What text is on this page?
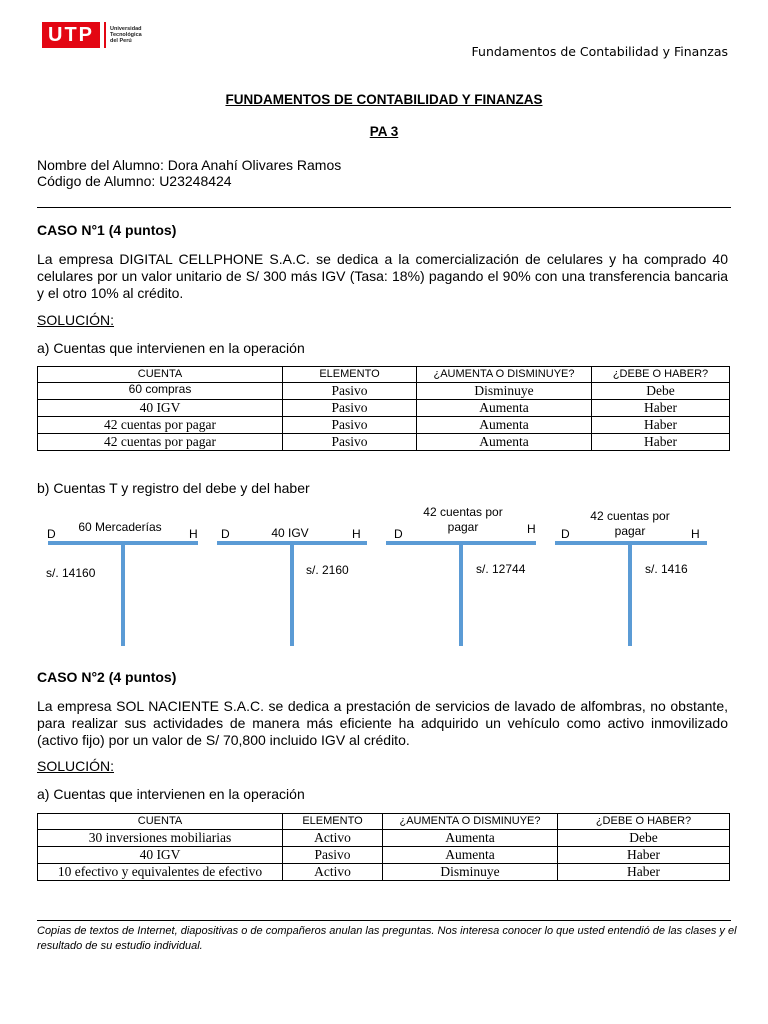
UTP	Universidad
Tecnológica
del Perú
Fundamentos de Contabilidad y Finanzas
FUNDAMENTOS DE CONTABILIDAD Y FINANZAS
PA 3
Nombre del Alumno: Dora Anahí Olivares Ramos
Código de Alumno: U23248424
CASO N°1 (4 puntos)
La empresa DIGITAL CELLPHONE S.A.C. se dedica a la comercialización de celulares y ha comprado 40 celulares por un valor unitario de S/ 300 más IGV (Tasa: 18%) pagando el 90% con una transferencia bancaria y el otro 10% al crédito.
SOLUCIÓN:
a) Cuentas que intervienen en la operación
CUENTA	ELEMENTO	¿AUMENTA O DISMINUYE?	¿DEBE O HABER?
60 compras	Pasivo	Disminuye	Debe
40 IGV	Pasivo	Aumenta	Haber
42 cuentas por pagar	Pasivo	Aumenta	Haber
42 cuentas por pagar	Pasivo	Aumenta	Haber
b) Cuentas T y registro del debe y del haber
60 Mercaderías
D	H
s/. 14160
40 IGV
D	H
s/. 2160
42 cuentas por pagar
D	H
s/. 12744
42 cuentas por pagar
D	H
s/. 1416
CASO N°2 (4 puntos)
La empresa SOL NACIENTE S.A.C. se dedica a prestación de servicios de lavado de alfombras, no obstante, para realizar sus actividades de manera más eficiente ha adquirido un vehículo como activo inmovilizado (activo fijo) por un valor de S/ 70,800 incluido IGV al crédito.
SOLUCIÓN:
a) Cuentas que intervienen en la operación
CUENTA	ELEMENTO	¿AUMENTA O DISMINUYE?	¿DEBE O HABER?
30 inversiones mobiliarias	Activo	Aumenta	Debe
40 IGV	Pasivo	Aumenta	Haber
10 efectivo y equivalentes de efectivo	Activo	Disminuye	Haber
Copias de textos de Internet, diapositivas o de compañeros anulan las preguntas. Nos interesa conocer lo que usted entendió de las clases y el resultado de su estudio individual.
